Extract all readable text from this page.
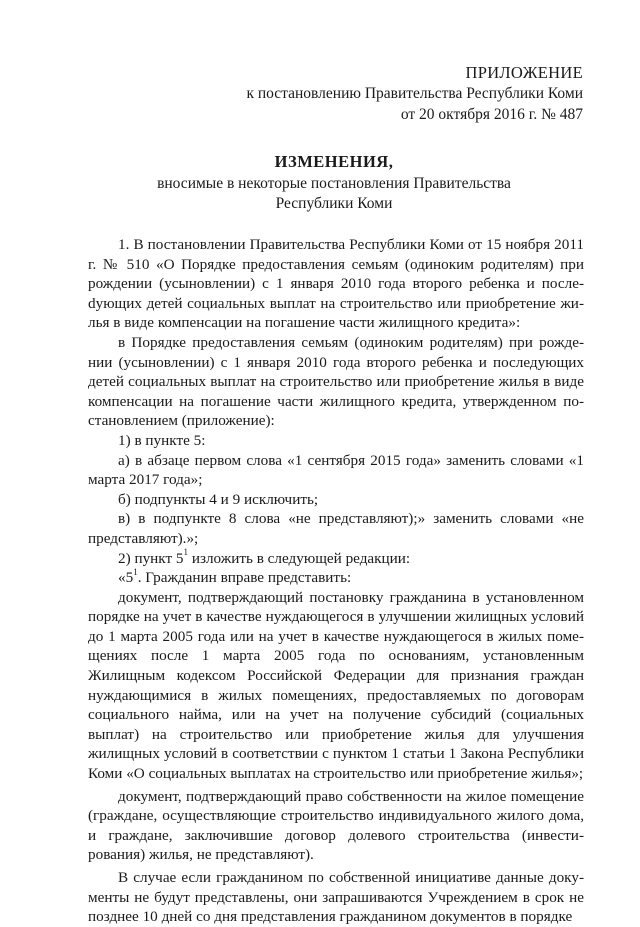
ПРИЛОЖЕНИЕ
к постановлению Правительства Республики Коми
от 20 октября 2016 г. № 487
ИЗМЕНЕНИЯ,
вносимые в некоторые постановления Правительства
Республики Коми

1. В постановлении Правительства Республики Коми от 15 ноября 2011 г. № 510 «О Порядке предоставления семьям (одиноким родителям) при рождении (усыновлении) с 1 января 2010 года второго ребенка и послеdующих детей социальных выплат на строительство или приобретение жилья в виде компенсации на погашение части жилищного кредита»:

в Порядке предоставления семьям (одиноким родителям) при рождении (усыновлении) с 1 января 2010 года второго ребенка и последующих детей социальных выплат на строительство или приобретение жилья в виде компенсации на погашение части жилищного кредита, утвержденном постановлением (приложение):

1) в пункте 5:

а) в абзаце первом слова «1 сентября 2015 года» заменить словами «1 марта 2017 года»;

б) подпункты 4 и 9 исключить;

в) в подпункте 8 слова «не представляют);» заменить словами «не представляют).»;

2) пункт $5^1$ изложить в следующей редакции:

«$5^1$. Гражданин вправе представить:

документ, подтверждающий постановку гражданина в установленном порядке на учет в качестве нуждающегося в улучшении жилищных условий до 1 марта 2005 года или на учет в качестве нуждающегося в жилых помещениях после 1 марта 2005 года по основаниям, установленным Жилищным кодексом Российской Федерации для признания граждан нуждающимися в жилых помещениях, предоставляемых по договорам социального найма, или на учет на получение субсидий (социальных выплат) на строительство или приобретение жилья для улучшения жилищных условий в соответствии с пунктом 1 статьи 1 Закона Республики Коми «О социальных выплатах на строительство или приобретение жилья»;

документ, подтверждающий право собственности на жилое помещение (граждане, осуществляющие строительство индивидуального жилого дома, и граждане, заключившие договор долевого строительства (инвестирования) жилья, не представляют).

В случае если гражданином по собственной инициативе данные документы не будут представлены, они запрашиваются Учреждением в срок не позднее 10 дней со дня представления гражданином документов в порядке
